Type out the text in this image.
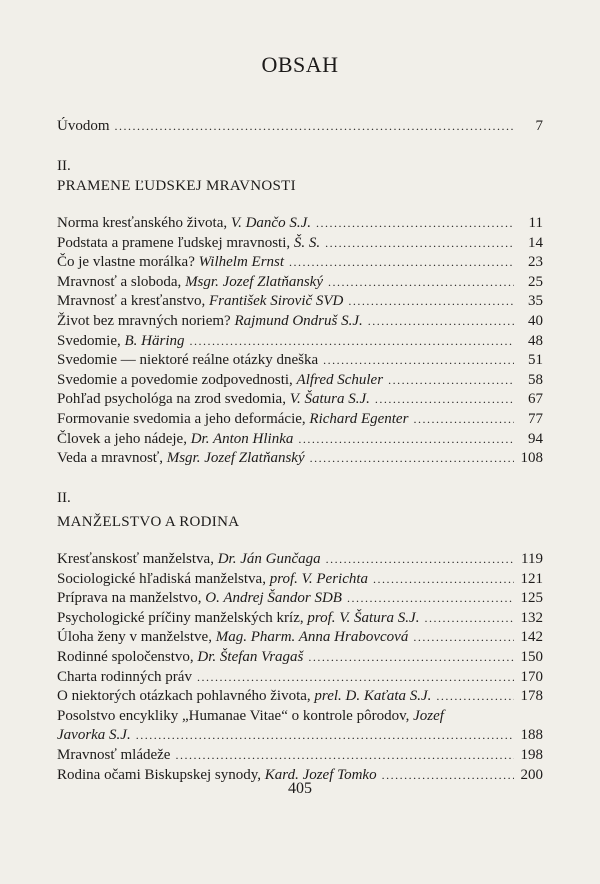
OBSAH
Úvodom .....	7

II.

PRAMENE ĽUDSKEJ MRAVNOSTI

Norma kresťanského života, V. Dančo S.J. .....	11
Podstata a pramene ľudskej mravnosti, Š. S. .....	14
Čo je vlastne morálka? Wilhelm Ernst .....	23
Mravnosť a sloboda, Msgr. Jozef Zlatňanský .....	25
Mravnosť a kresťanstvo, František Sirovič SVD .....	35
Život bez mravných noriem? Rajmund Ondruš S.J. .....	40
Svedomie, B. Häring .....	48
Svedomie — niektoré reálne otázky dneška .....	51
Svedomie a povedomie zodpovednosti, Alfred Schuler .....	58
Pohľad psychológa na zrod svedomia, V. Šatura S.J. .....	67
Formovanie svedomia a jeho deformácie, Richard Egenter .....	77
Človek a jeho nádeje, Dr. Anton Hlinka .....	94
Veda a mravnosť, Msgr. Jozef Zlatňanský .....	108

II.

MANŽELSTVO A RODINA

Kresťanskosť manželstva, Dr. Ján Gunčaga .....	119
Sociologické hľadiská manželstva, prof. V. Perichta .....	121
Príprava na manželstvo, O. Andrej Šandor SDB .....	125
Psychologické príčiny manželských kríz, prof. V. Šatura S.J. .....	132
Úloha ženy v manželstve, Mag. Pharm. Anna Hrabovcová .....	142
Rodinné spoločenstvo, Dr. Štefan Vragaš .....	150
Charta rodinných práv .....	170
O niektorých otázkach pohlavného života, prel. D. Kaťata S.J. .....	178
Posolstvo encykliky „Humanae Vitae“ o kontrole pôrodov, Jozef
Javorka S.J. .....	188
Mravnosť mládeže .....	198
Rodina očami Biskupskej synody, Kard. Jozef Tomko .....	200
405
